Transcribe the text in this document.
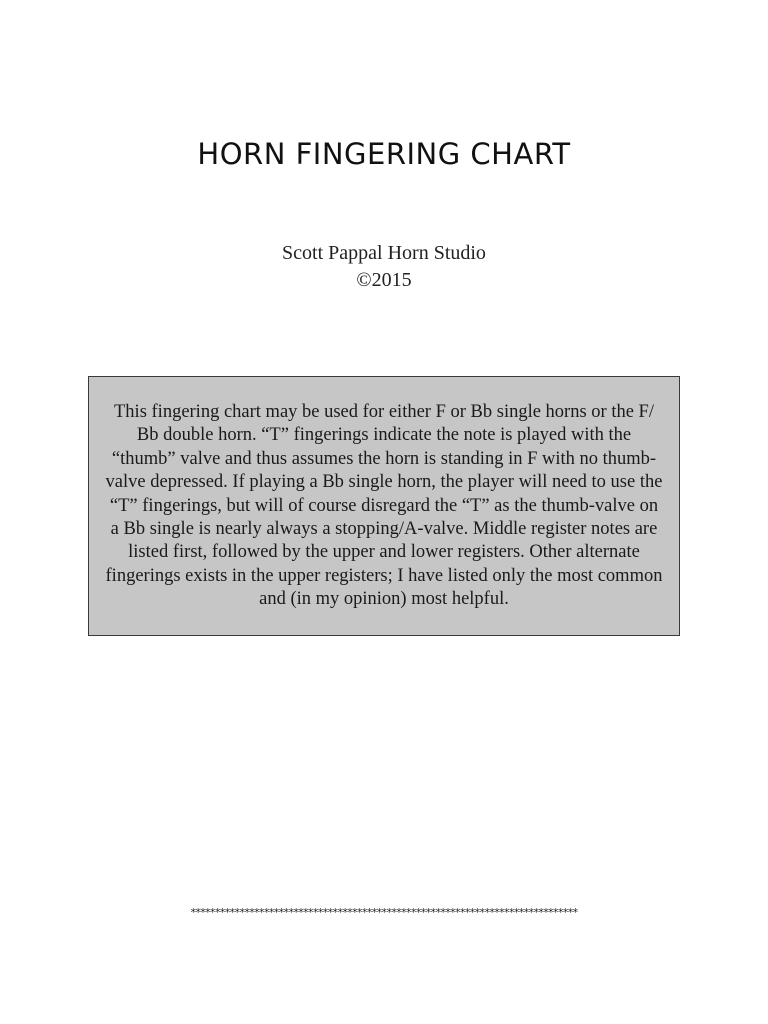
HORN FINGERING CHART
Scott Pappal Horn Studio
©2015
This fingering chart may be used for either F or Bb single horns or the F/
Bb double horn. “T” fingerings indicate the note is played with the
“thumb” valve and thus assumes the horn is standing in F with no thumb-
valve depressed. If playing a Bb single horn, the player will need to use the
“T” fingerings, but will of course disregard the “T” as the thumb-valve on
a Bb single is nearly always a stopping/A-valve. Middle register notes are
listed first, followed by the upper and lower registers. Other alternate
fingerings exists in the upper registers; I have listed only the most common
and (in my opinion) most helpful.
*******************************************************************************
